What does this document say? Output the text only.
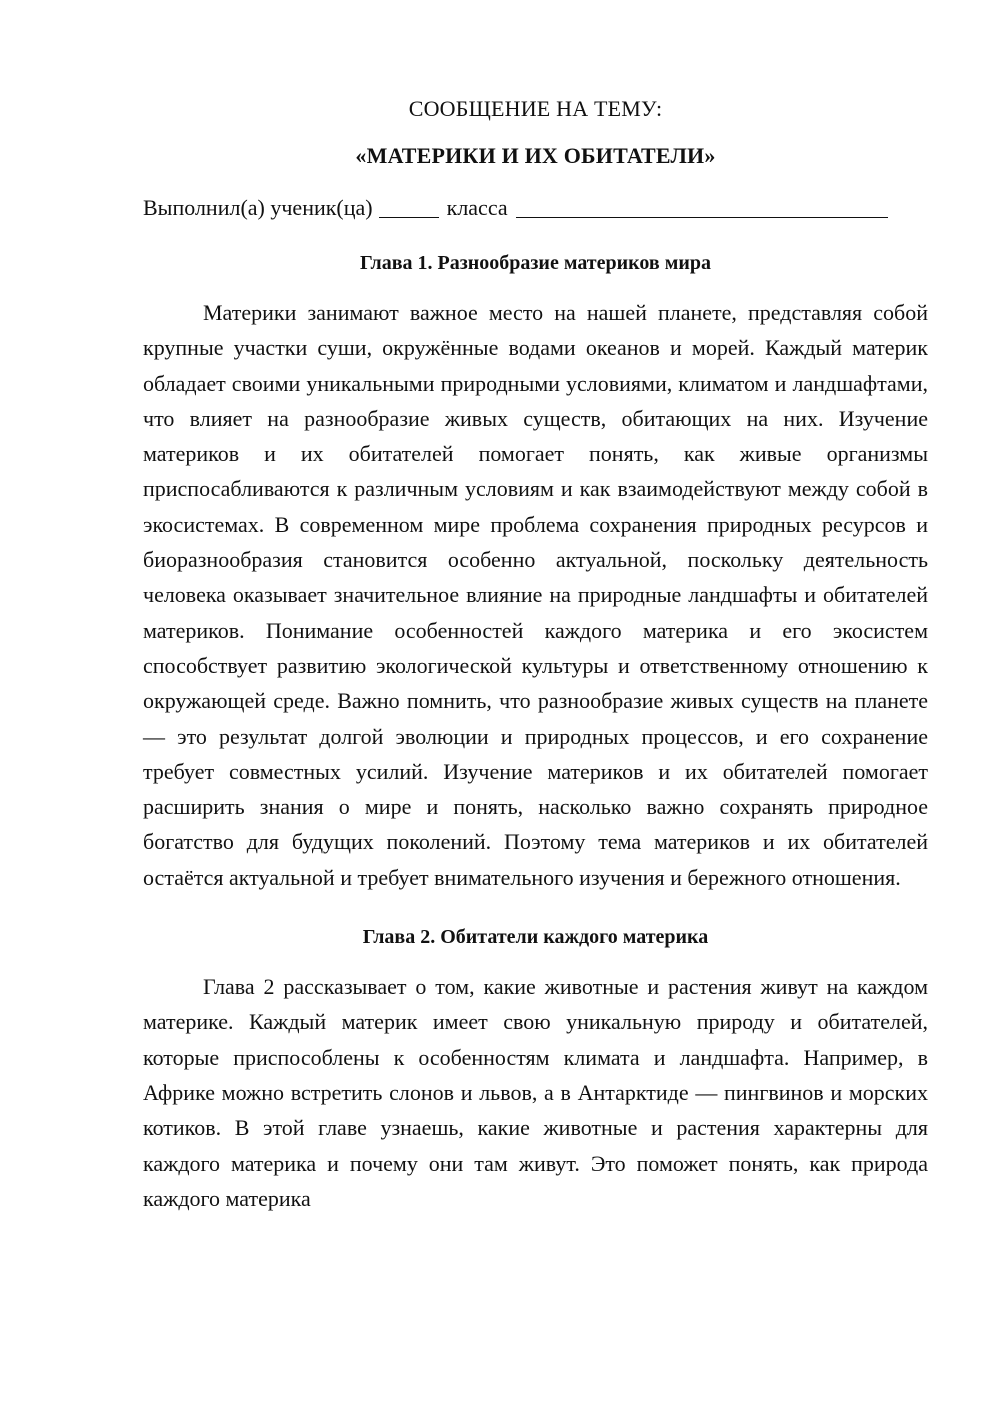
СООБЩЕНИЕ НА ТЕМУ:

«МАТЕРИКИ И ИХ ОБИТАТЕЛИ»

Выполнил(а) ученик(ца)	класса
Глава 1. Разнообразие материков мира

Материки занимают важное место на нашей планете, представляя собой крупные участки суши, окружённые водами океанов и морей. Каждый материк обладает своими уникальными природными условиями, климатом и ландшафтами, что влияет на разнообразие живых существ, обитающих на них. Изучение материков и их обитателей помогает понять, как живые организмы приспосабливаются к различным условиям и как взаимодействуют между собой в экосистемах. В современном мире проблема сохранения природных ресурсов и биоразнообразия становится особенно актуальной, поскольку деятельность человека оказывает значительное влияние на природные ландшафты и обитателей материков. Понимание особенностей каждого материка и его экосистем способствует развитию экологической культуры и ответственному отношению к окружающей среде. Важно помнить, что разнообразие живых существ на планете — это результат долгой эволюции и природных процессов, и его сохранение требует совместных усилий. Изучение материков и их обитателей помогает расширить знания о мире и понять, насколько важно сохранять природное богатство для будущих поколений. Поэтому тема материков и их обитателей остаётся актуальной и требует внимательного изучения и бережного отношения.

Глава 2. Обитатели каждого материка

Глава 2 рассказывает о том, какие животные и растения живут на каждом материке. Каждый материк имеет свою уникальную природу и обитателей, которые приспособлены к особенностям климата и ландшафта. Например, в Африке можно встретить слонов и львов, а в Антарктиде — пингвинов и морских котиков. В этой главе узнаешь, какие животные и растения характерны для каждого материка и почему они там живут. Это поможет понять, как природа каждого материка
